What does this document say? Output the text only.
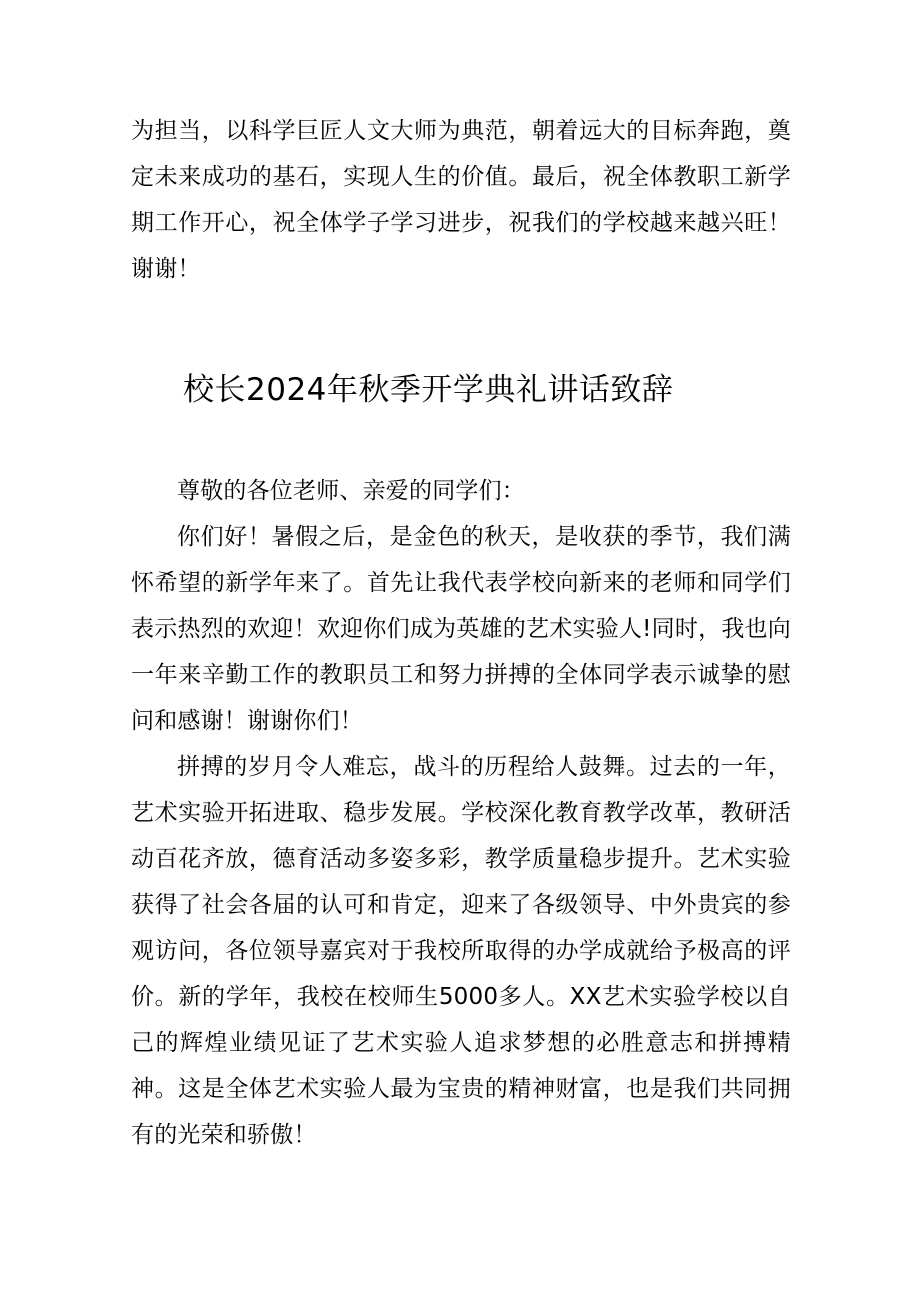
为担当，以科学巨匠人文大师为典范，朝着远大的目标奔跑，奠定未来成功的基石，实现人生的价值。最后，祝全体教职工新学期工作开心，祝全体学子学习进步，祝我们的学校越来越兴旺！谢谢！

校长2024年秋季开学典礼讲话致辞

尊敬的各位老师、亲爱的同学们：

你们好！暑假之后，是金色的秋天，是收获的季节，我们满怀希望的新学年来了。首先让我代表学校向新来的老师和同学们表示热烈的欢迎！欢迎你们成为英雄的艺术实验人!同时，我也向一年来辛勤工作的教职员工和努力拼搏的全体同学表示诚挚的慰问和感谢！谢谢你们！

拼搏的岁月令人难忘，战斗的历程给人鼓舞。过去的一年，艺术实验开拓进取、稳步发展。学校深化教育教学改革，教研活动百花齐放，德育活动多姿多彩，教学质量稳步提升。艺术实验获得了社会各届的认可和肯定，迎来了各级领导、中外贵宾的参观访问，各位领导嘉宾对于我校所取得的办学成就给予极高的评价。新的学年，我校在校师生5000多人。XX艺术实验学校以自己的辉煌业绩见证了艺术实验人追求梦想的必胜意志和拼搏精神。这是全体艺术实验人最为宝贵的精神财富，也是我们共同拥有的光荣和骄傲！
